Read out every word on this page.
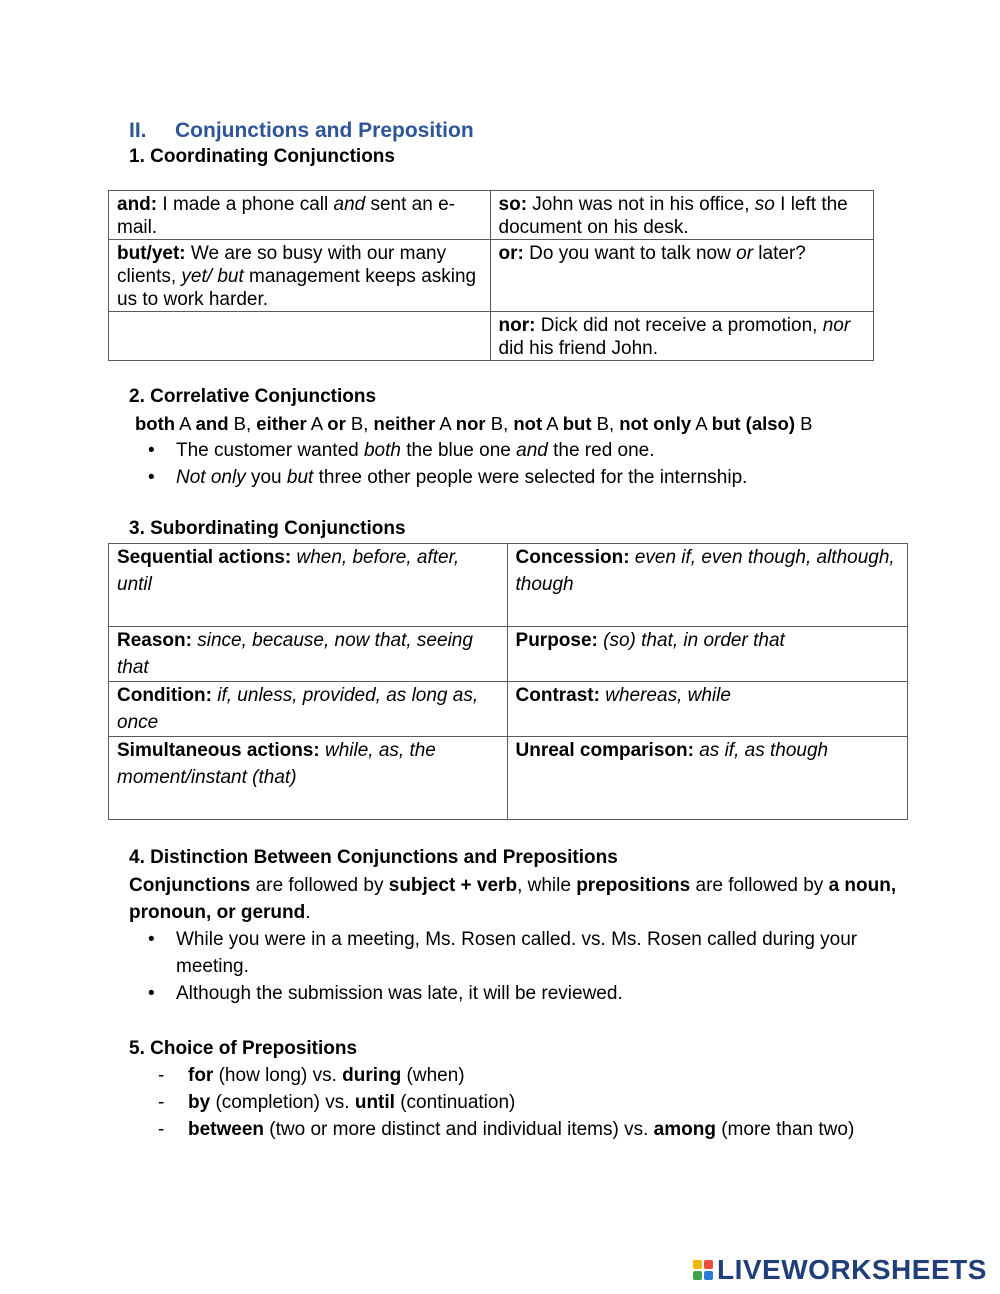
II. Conjunctions and Preposition
1. Coordinating Conjunctions
and: I made a phone call and sent an e-mail.	so: John was not in his office, so I left the document on his desk.
but/yet: We are so busy with our many clients, yet/ but management keeps asking us to work harder.	or: Do you want to talk now or later?
	nor: Dick did not receive a promotion, nor did his friend John.
2. Correlative Conjunctions
both A and B, either A or B, neither A nor B, not A but B, not only A but (also) B
• The customer wanted both the blue one and the red one.
• Not only you but three other people were selected for the internship.
3. Subordinating Conjunctions
Sequential actions: when, before, after, until	Concession: even if, even though, although, though
Reason: since, because, now that, seeing that	Purpose: (so) that, in order that
Condition: if, unless, provided, as long as, once	Contrast: whereas, while
Simultaneous actions: while, as, the moment/instant (that)	Unreal comparison: as if, as though
4. Distinction Between Conjunctions and Prepositions
Conjunctions are followed by subject + verb, while prepositions are followed by a noun, pronoun, or gerund.
• While you were in a meeting, Ms. Rosen called. vs. Ms. Rosen called during your meeting.
• Although the submission was late, it will be reviewed.
5. Choice of Prepositions
- for (how long) vs. during (when)
- by (completion) vs. until (continuation)
- between (two or more distinct and individual items) vs. among (more than two)
LIVEWORKSHEETS
